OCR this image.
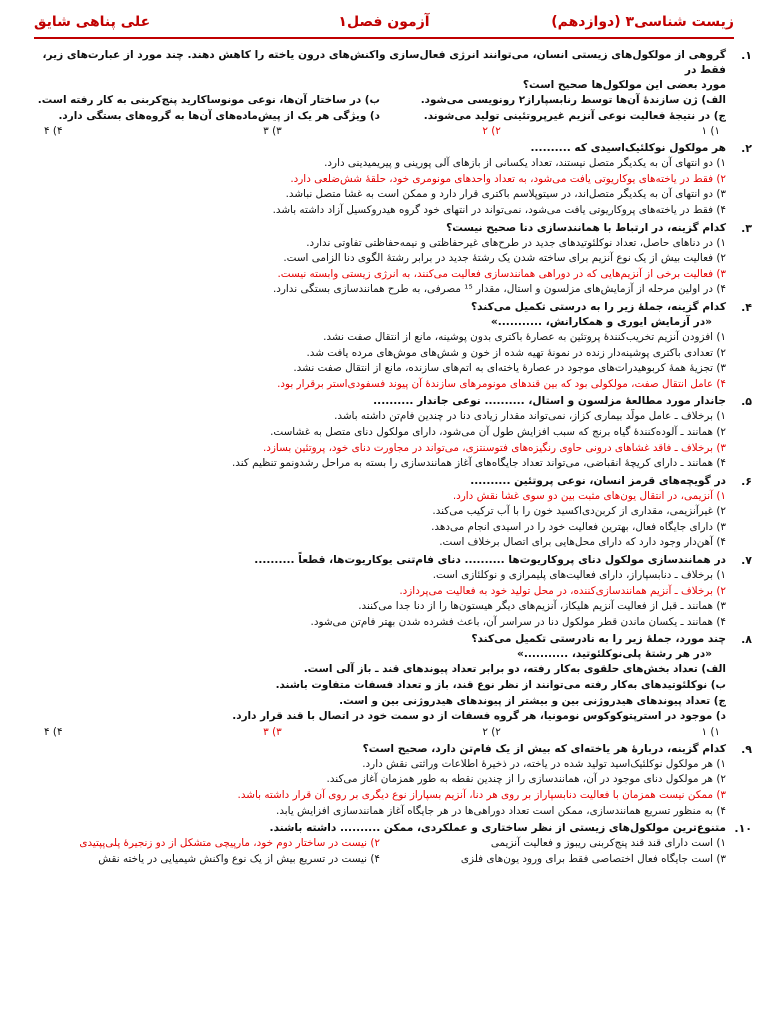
زیست شناسی۳ (دوازدهم)
آزمون فصل۱
علی پناهی شایق
۱.
گروهی از مولکول‌های زیستی انسان، می‌توانند انرژی فعال‌سازی واکنش‌های درون یاخته را کاهش دهند. چند مورد از عبارت‌های زیر، فقط در
مورد بعضی این مولکول‌ها صحیح است؟
الف) ژن سازندهٔ آن‌ها توسط رنابسپاراز۲ رونویسی می‌شود.
ب) در ساختار آن‌ها، نوعی مونوساکارید پنج‌کربنی به کار رفته است.
ج) در نتیجهٔ فعالیت نوعی آنزیم غیرپروتئینی تولید می‌شوند.
د) ویژگی هر یک از پیش‌ماده‌های آن‌ها به گروه‌های بستگی دارد.
۱) ۱
۲) ۲
۳) ۳
۴) ۴
۲.
هر مولکول نوکلئیک‌اسیدی که ..........
۱) دو انتهای آن به یکدیگر متصل نیستند، تعداد یکسانی از بازهای آلی پورینی و پیریمیدینی دارد.
۲) فقط در یاخته‌های یوکاریوتی یافت می‌شود، به تعداد واحدهای مونومری خود، حلقهٔ شش‌ضلعی دارد.
۳) دو انتهای آن به یکدیگر متصل‌اند، در سیتوپلاسم باکتری قرار دارد و ممکن است به غشا متصل نباشد.
۴) فقط در یاخته‌های پروکاریوتی یافت می‌شود، نمی‌تواند در انتهای خود گروه هیدروکسیل آزاد داشته باشد.
۳.
کدام گزینه، در ارتباط با همانندسازی دنا صحیح نیست؟
۱) در دناهای حاصل، تعداد نوکلئوتیدهای جدید در طرح‌های غیرحفاظتی و نیمه‌حفاظتی تفاوتی ندارد.
۲) فعالیت بیش از یک نوع آنزیم برای ساخته شدن یک رشتهٔ جدید در برابر رشتهٔ الگوی دنا الزامی است.
۳) فعالیت برخی از آنزیم‌هایی که در دوراهی همانندسازی فعالیت می‌کنند، به انرژی زیستی وابسته نیست.
۴) در اولین مرحله از آزمایش‌های مزلسون و استال، مقدار ¹⁵ مصرفی، به طرح همانندسازی بستگی ندارد.
۴.
کدام گزینه، جملهٔ زیر را به درستی تکمیل می‌کند؟
«در آزمایش ایوری و همکارانش، ...........»
۱) افزودن آنزیم تخریب‌کنندهٔ پروتئین به عصارهٔ باکتری بدون پوشینه، مانع از انتقال صفت نشد.
۲) تعدادی باکتری پوشینه‌دار زنده در نمونهٔ تهیه شده از خون و شش‌های موش‌های مرده یافت شد.
۳) تجزیهٔ همهٔ کربوهیدرات‌های موجود در عصارهٔ یاخته‌ای به اتم‌های سازنده، مانع از انتقال صفت نشد.
۴) عامل انتقال صفت، مولکولی بود که بین قندهای مونومرهای سازندهٔ آن پیوند فسفودی‌استر برقرار بود.
۵.
جاندار مورد مطالعهٔ مزلسون و استال، .......... نوعی جاندار ..........
۱) برخلاف ـ عامل مولّد بیماری کزاز، نمی‌تواند مقدار زیادی دنا در چندین فام‌تن داشته باشد.
۲) همانند ـ آلوده‌کنندهٔ گیاه برنج که سبب افزایش طول آن می‌شود، دارای مولکول دنای متصل به غشاست.
۳) برخلاف ـ فاقد غشاهای درونی حاوی رنگیزه‌های فتوسنتزی، می‌تواند در مجاورت دنای خود، پروتئین بسازد.
۴) همانند ـ دارای کریچهٔ انقباضی، می‌تواند تعداد جایگاه‌های آغاز همانندسازی را بسته به مراحل رشدونمو تنظیم کند.
۶.
در گویچه‌های قرمز انسان، نوعی پروتئین ..........
۱) آنزیمی، در انتقال یون‌های مثبت بین دو سوی غشا نقش دارد.
۲) غیرآنزیمی، مقداری از کربن‌دی‌اکسید خون را با آب ترکیب می‌کند.
۳) دارای جایگاه فعال، بهترین فعالیت خود را در اسیدی انجام می‌دهد.
۴) آهن‌دار وجود دارد که دارای محل‌هایی برای اتصال برخلاف است.
۷.
در همانندسازی مولکول دنای پروکاریوت‌ها .......... دنای فام‌تنی یوکاریوت‌ها، قطعاً ..........
۱) برخلاف ـ دنابسپاراز، دارای فعالیت‌های پلیمرازی و نوکلئازی است.
۲) برخلاف ـ آنزیم همانندسازی‌کننده، در محل تولید خود به فعالیت می‌پردازد.
۳) همانند ـ قبل از فعالیت آنزیم هلیکاز، آنزیم‌های دیگر هیستون‌ها را از دنا جدا می‌کنند.
۴) همانند ـ یکسان ماندن قطر مولکول دنا در سراسر آن، باعث فشرده شدن بهتر فام‌تن می‌شود.
۸.
چند مورد، جملهٔ زیر را به نادرستی تکمیل می‌کند؟
«در هر رشتهٔ پلی‌نوکلئوتید، ...........»
الف) تعداد بخش‌های حلقوی به‌کار رفته، دو برابر تعداد پیوندهای قند ـ باز آلی است.
ب) نوکلئوتیدهای به‌کار رفته می‌توانند از نظر نوع قند، باز و تعداد فسفات متفاوت باشند.
ج) تعداد پیوندهای هیدروژنی بین و بیشتر از پیوندهای هیدروژنی بین و است.
د) موجود در استرپتوکوکوس نومونیا، هر گروه فسفات از دو سمت خود در اتصال با قند قرار دارد.
۱) ۱
۲) ۲
۳) ۳
۴) ۴
۹.
کدام گزینه، دربارهٔ هر یاخته‌ای که بیش از یک فام‌تن دارد، صحیح است؟
۱) هر مولکول نوکلئیک‌اسید تولید شده در یاخته، در ذخیرهٔ اطلاعات وراثتی نقش دارد.
۲) هر مولکول دنای موجود در آن، همانندسازی را از چندین نقطه به طور همزمان آغاز می‌کند.
۳) ممکن نیست همزمان با فعالیت دنابسپاراز بر روی هر دنا، آنزیم بسپاراز نوع دیگری بر روی آن قرار داشته باشد.
۴) به منظور تسریع همانندسازی، ممکن است تعداد دوراهی‌ها در هر جایگاه آغاز همانندسازی افزایش یابد.
۱۰.
متنوع‌ترین مولکول‌های زیستی از نظر ساختاری و عملکردی، ممکن .......... داشته باشند.
۱) است دارای قند قند پنج‌کربنی ریبوز و فعالیت آنزیمی
۲) نیست در ساختار دوم خود، مارپیچی متشکل از دو زنجیرهٔ پلی‌پپتیدی
۳) است جایگاه فعال اختصاصی فقط برای ورود یون‌های فلزی
۴) نیست در تسریع بیش از یک نوع واکنش شیمیایی در یاخته نقش
